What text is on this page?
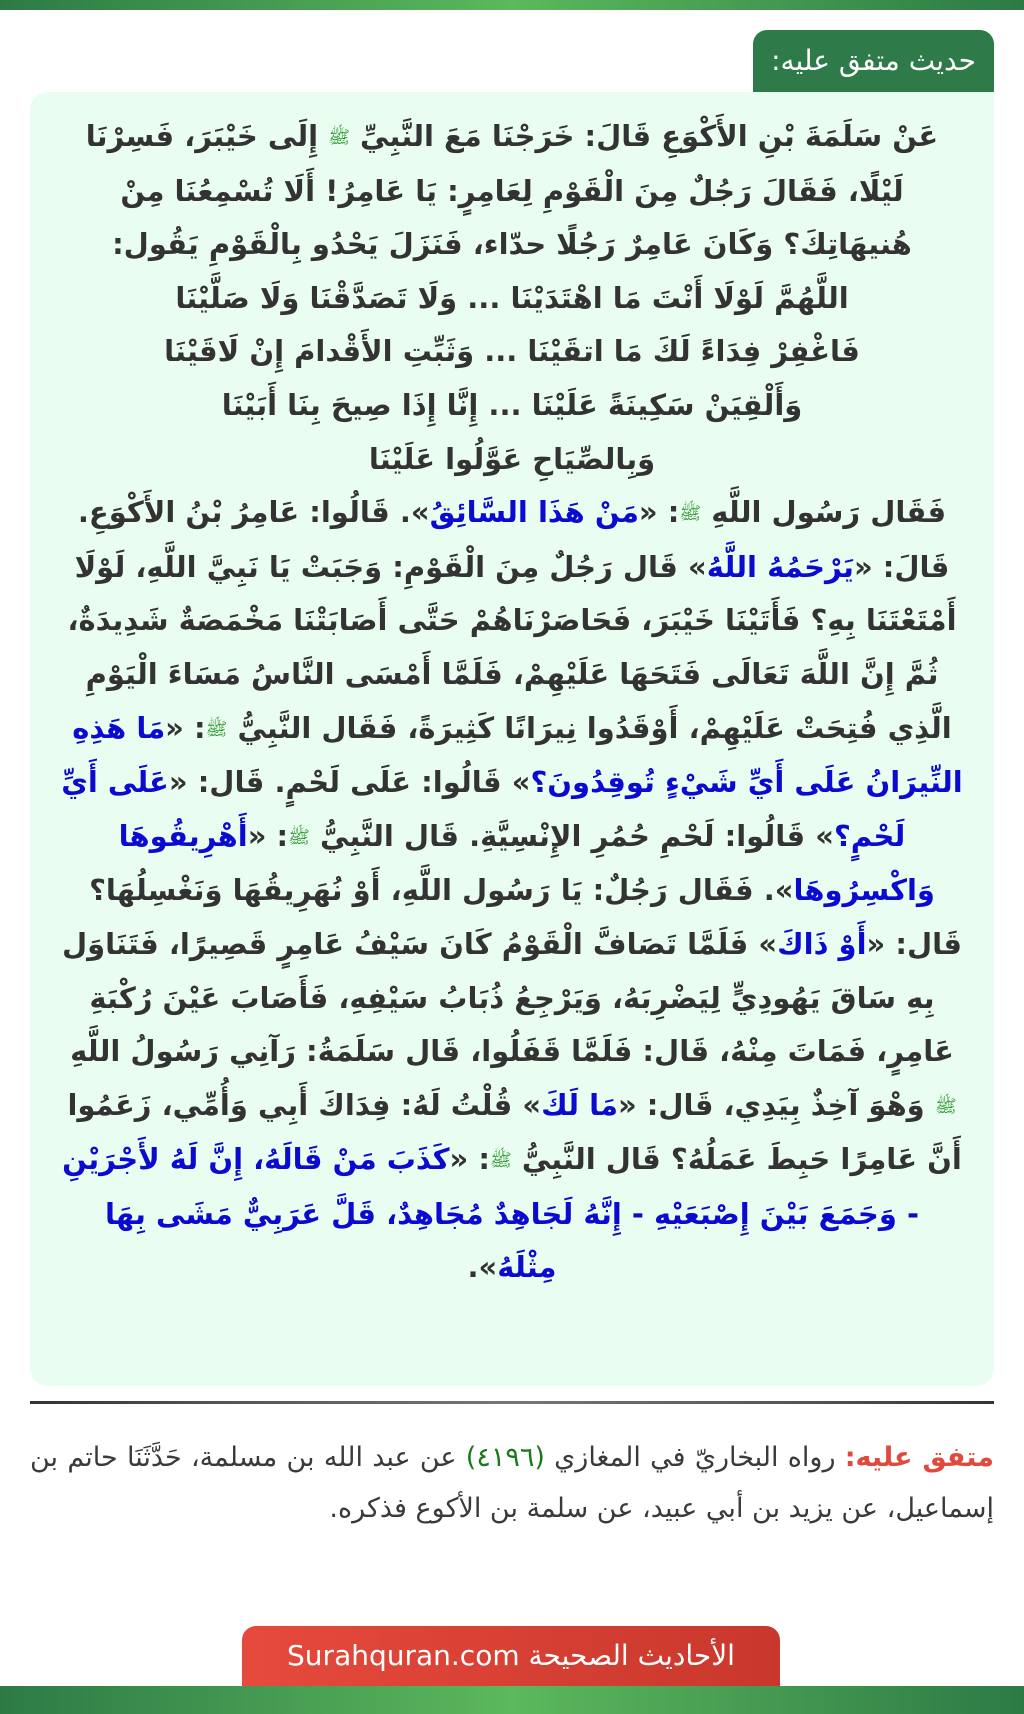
حديث متفق عليه:
عَنْ سَلَمَةَ بْنِ الأَكْوَعِ قَالَ: خَرَجْنَا مَعَ النَّبِيِّ ﷺ إِلَى خَيْبَرَ، فَسِرْنَا لَيْلًا، فَقَالَ رَجُلٌ مِنَ الْقَوْمِ لِعَامِرٍ: يَا عَامِرُ! أَلَا تُسْمِعُنَا مِنْ هُنيهَاتِكَ؟ وَكَانَ عَامِرٌ رَجُلًا حدّاء، فَنَزَلَ يَحْدُو بِالْقَوْمِ يَقُول:
اللَّهُمَّ لَوْلَا أَنْتَ مَا اهْتَدَيْنَا ... وَلَا تَصَدَّقْنَا وَلَا صَلَّيْنَا
فَاغْفِرْ فِدَاءً لَكَ مَا اتقَيْنَا ... وَثَبِّتِ الأَقْدامَ إِنْ لَاقَيْنَا
وَأَلْقِيَنْ سَكِينَةً عَلَيْنَا ... إِنَّا إِذَا صِيحَ بِنَا أَبَيْنَا
وَبِالصِّيَاحِ عَوَّلُوا عَلَيْنَا
فَقَال رَسُول اللَّهِ ﷺ: «مَنْ هَذَا السَّائِقُ». قَالُوا: عَامِرُ بْنُ الأَكْوَعِ. قَالَ: «يَرْحَمُهُ اللَّهُ» قَال رَجُلٌ مِنَ الْقَوْمِ: وَجَبَتْ يَا نَبِيَّ اللَّهِ، لَوْلَا أَمْتَعْتَنَا بِهِ؟ فَأَتَيْنَا خَيْبَرَ، فَحَاصَرْنَاهُمْ حَتَّى أَصَابَتْنَا مَخْمَصَةٌ شَدِيدَةٌ، ثُمَّ إِنَّ اللَّهَ تَعَالَى فَتَحَهَا عَلَيْهِمْ، فَلَمَّا أَمْسَى النَّاسُ مَسَاءَ الْيَوْمِ الَّذِي فُتِحَتْ عَلَيْهِمْ، أَوْقَدُوا نِيرَانًا كَثِيرَةً، فَقَال النَّبِيُّ ﷺ: «مَا هَذِهِ النِّيرَانُ عَلَى أَيِّ شَيْءٍ تُوقِدُونَ؟» قَالُوا: عَلَى لَحْمٍ. قَال: «عَلَى أَيِّ لَحْمٍ؟» قَالُوا: لَحْمِ حُمُرِ الإِنْسِيَّةِ. قَال النَّبِيُّ ﷺ: «أَهْرِيقُوهَا وَاكْسِرُوهَا». فَقَال رَجُلٌ: يَا رَسُول اللَّهِ، أَوْ نُهَرِيقُهَا وَنَغْسِلُهَا؟ قَال: «أَوْ ذَاكَ» فَلَمَّا تَصَافَّ الْقَوْمُ كَانَ سَيْفُ عَامِرٍ قَصِيرًا، فَتَنَاوَل بِهِ سَاقَ يَهُودِيٍّ لِيَضْرِبَهُ، وَيَرْجِعُ ذُبَابُ سَيْفِهِ، فَأَصَابَ عَيْنَ رُكْبَةِ عَامِرٍ، فَمَاتَ مِنْهُ، قَال: فَلَمَّا قَفَلُوا، قَال سَلَمَةُ: رَآنِي رَسُولُ اللَّهِ ﷺ وَهْوَ آخِذٌ بِيَدِي، قَال: «مَا لَكَ» قُلْتُ لَهُ: فِدَاكَ أَبِي وَأُمِّي، زَعَمُوا أَنَّ عَامِرًا حَبِطَ عَمَلُهُ؟ قَال النَّبِيُّ ﷺ: «كَذَبَ مَنْ قَالَهُ، إِنَّ لَهُ لأَجْرَيْنِ - وَجَمَعَ بَيْنَ إِصْبَعَيْهِ - إِنَّهُ لَجَاهِدٌ مُجَاهِدٌ، قَلَّ عَرَبِيٌّ مَشَى بِهَا مِثْلَهُ».
متفق عليه: رواه البخاريّ في المغازي (٤١٩٦) عن عبد الله بن مسلمة، حَدَّثَنَا حاتم بن إسماعيل، عن يزيد بن أبي عبيد، عن سلمة بن الأكوع فذكره.
الأحاديث الصحيحة Surahquran.com
